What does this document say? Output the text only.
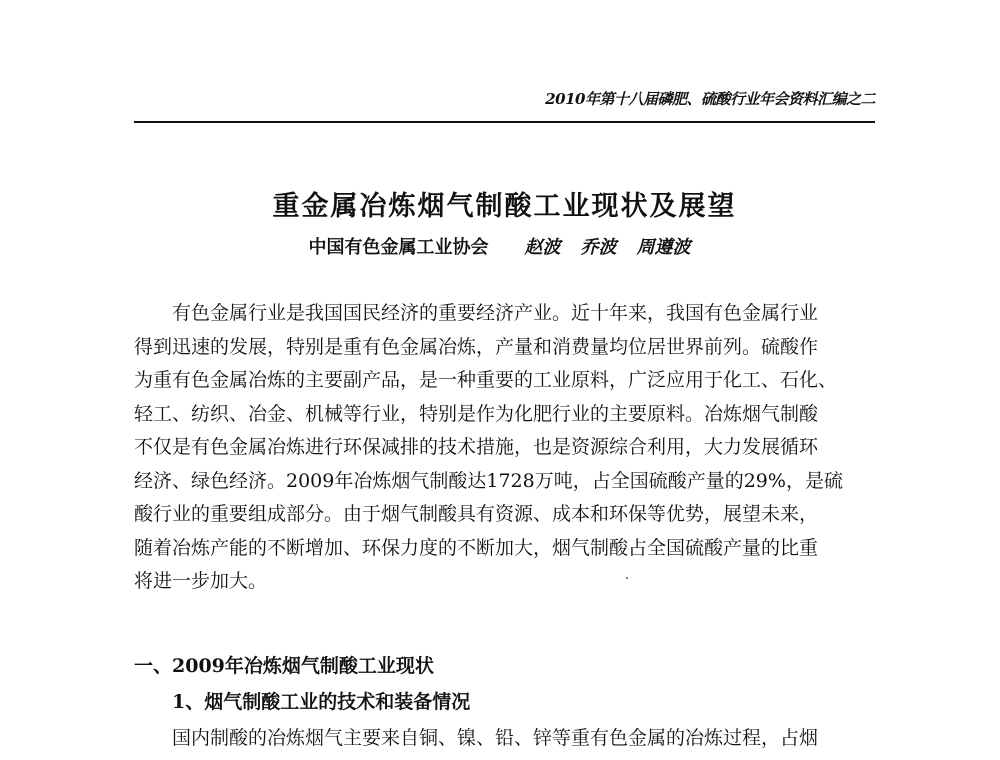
2010年第十八届磷肥、硫酸行业年会资料汇编之二
重金属冶炼烟气制酸工业现状及展望
中国有色金属工业协会 赵波 乔波 周遵波
有色金属行业是我国国民经济的重要经济产业。近十年来，我国有色金属行业
得到迅速的发展，特别是重有色金属冶炼，产量和消费量均位居世界前列。硫酸作
为重有色金属冶炼的主要副产品，是一种重要的工业原料，广泛应用于化工、石化、
轻工、纺织、冶金、机械等行业，特别是作为化肥行业的主要原料。冶炼烟气制酸
不仅是有色金属冶炼进行环保减排的技术措施，也是资源综合利用，大力发展循环
经济、绿色经济。2009年冶炼烟气制酸达1728万吨，占全国硫酸产量的29%，是硫
酸行业的重要组成部分。由于烟气制酸具有资源、成本和环保等优势，展望未来，
随着冶炼产能的不断增加、环保力度的不断加大，烟气制酸占全国硫酸产量的比重
将进一步加大。
一、2009年冶炼烟气制酸工业现状
1、烟气制酸工业的技术和装备情况
国内制酸的冶炼烟气主要来自铜、镍、铅、锌等重有色金属的冶炼过程，占烟
